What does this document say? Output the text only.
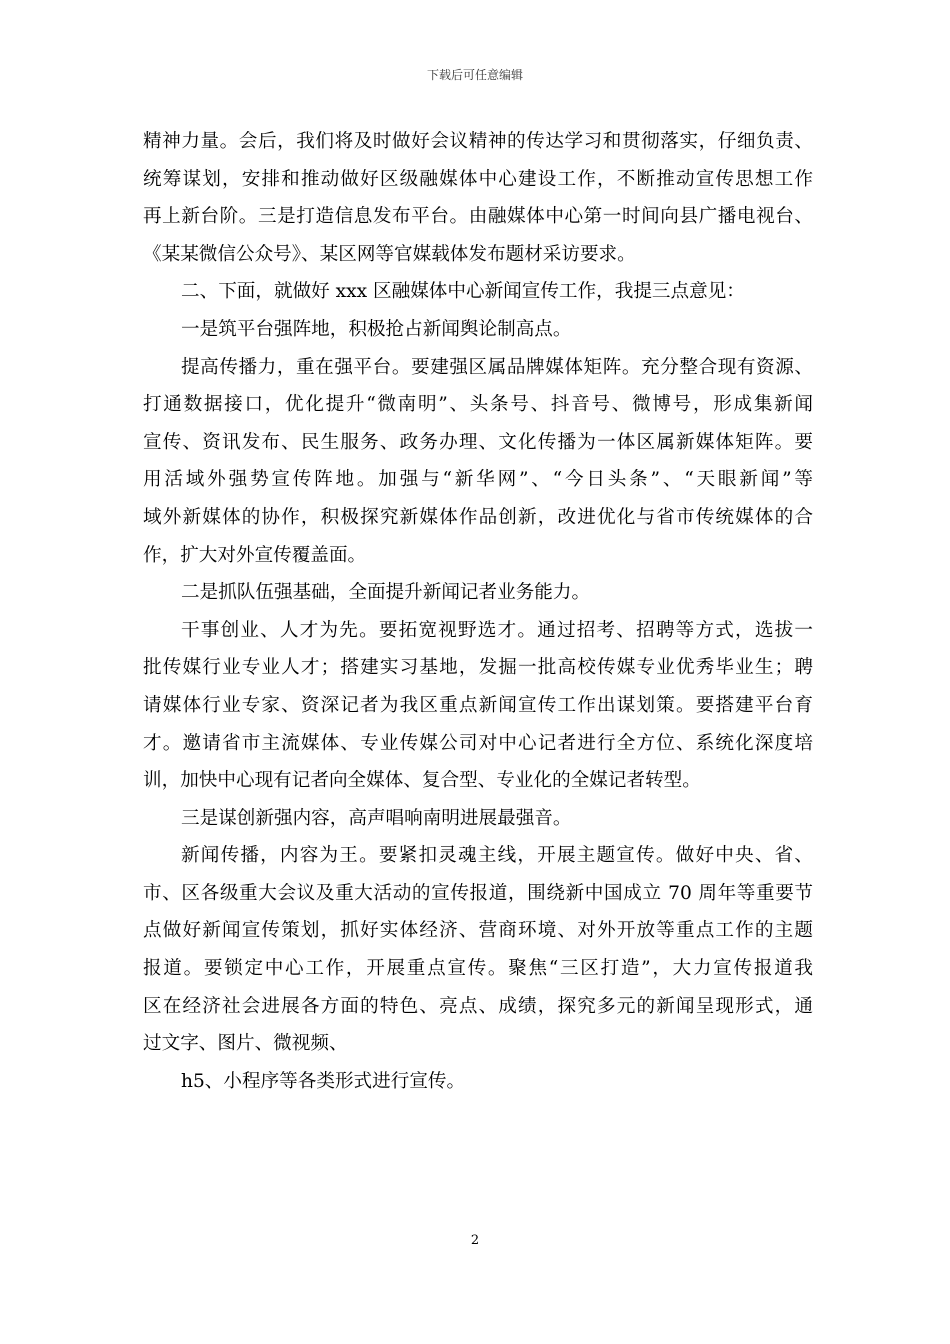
下载后可任意编辑
精神力量。会后，我们将及时做好会议精神的传达学习和贯彻落实，仔细负责、
统筹谋划，安排和推动做好区级融媒体中心建设工作，不断推动宣传思想工作
再上新台阶。三是打造信息发布平台。由融媒体中心第一时间向县广播电视台、
《某某微信公众号》、某区网等官媒载体发布题材采访要求。
二、下面，就做好 xxx 区融媒体中心新闻宣传工作，我提三点意见：
一是筑平台强阵地，积极抢占新闻舆论制高点。
提高传播力，重在强平台。要建强区属品牌媒体矩阵。充分整合现有资源、
打通数据接口，优化提升“微南明”、头条号、抖音号、微博号，形成集新闻
宣传、资讯发布、民生服务、政务办理、文化传播为一体区属新媒体矩阵。要
用活域外强势宣传阵地。加强与“新华网”、“今日头条”、“天眼新闻”等
域外新媒体的协作，积极探究新媒体作品创新，改进优化与省市传统媒体的合
作，扩大对外宣传覆盖面。
二是抓队伍强基础，全面提升新闻记者业务能力。
干事创业、人才为先。要拓宽视野选才。通过招考、招聘等方式，选拔一
批传媒行业专业人才；搭建实习基地，发掘一批高校传媒专业优秀毕业生；聘
请媒体行业专家、资深记者为我区重点新闻宣传工作出谋划策。要搭建平台育
才。邀请省市主流媒体、专业传媒公司对中心记者进行全方位、系统化深度培
训，加快中心现有记者向全媒体、复合型、专业化的全媒记者转型。
三是谋创新强内容，高声唱响南明进展最强音。
新闻传播，内容为王。要紧扣灵魂主线，开展主题宣传。做好中央、省、
市、区各级重大会议及重大活动的宣传报道，围绕新中国成立 70 周年等重要节
点做好新闻宣传策划，抓好实体经济、营商环境、对外开放等重点工作的主题
报道。要锁定中心工作，开展重点宣传。聚焦“三区打造”，大力宣传报道我
区在经济社会进展各方面的特色、亮点、成绩，探究多元的新闻呈现形式，通
过文字、图片、微视频、
h5、小程序等各类形式进行宣传。
2
